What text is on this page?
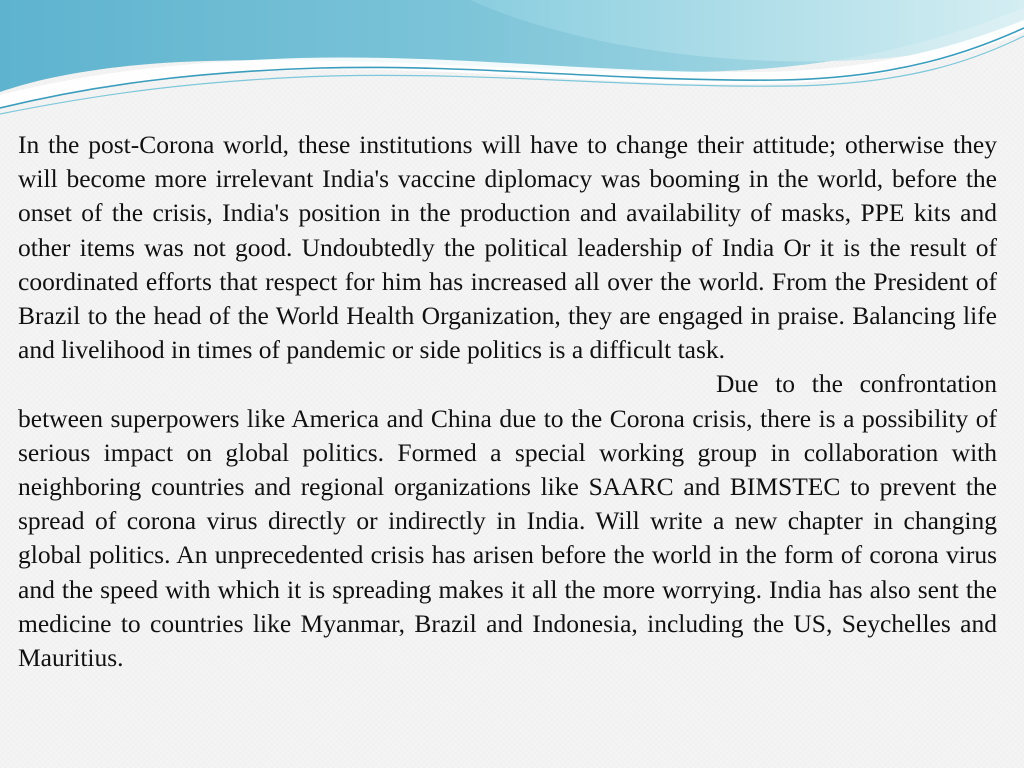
In the post-Corona world, these institutions will have to change their attitude; otherwise they will become more irrelevant India's vaccine diplomacy was booming in the world, before the onset of the crisis, India's position in the production and availability of masks, PPE kits and other items was not good. Undoubtedly the political leadership of India Or it is the result of coordinated efforts that respect for him has increased all over the world. From the President of Brazil to the head of the World Health Organization, they are engaged in praise. Balancing life and livelihood in times of pandemic or side politics is a difficult task.

Due to the confrontation between superpowers like America and China due to the Corona crisis, there is a possibility of serious impact on global politics. Formed a special working group in collaboration with neighboring countries and regional organizations like SAARC and BIMSTEC to prevent the spread of corona virus directly or indirectly in India. Will write a new chapter in changing global politics. An unprecedented crisis has arisen before the world in the form of corona virus and the speed with which it is spreading makes it all the more worrying. India has also sent the medicine to countries like Myanmar, Brazil and Indonesia, including the US, Seychelles and Mauritius.
